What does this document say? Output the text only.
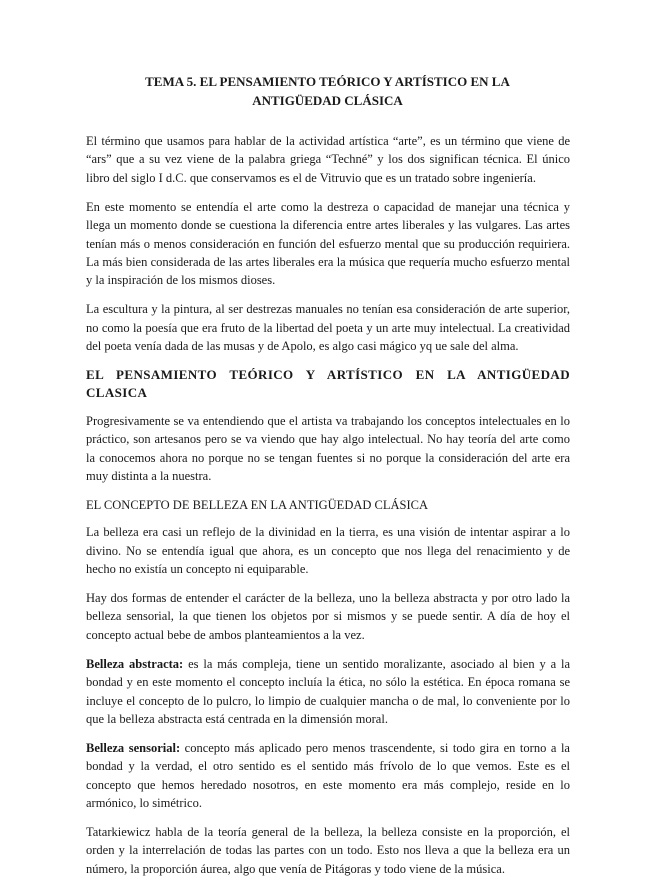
TEMA 5. EL PENSAMIENTO TEÓRICO Y ARTÍSTICO EN LA
ANTIGÜEDAD CLÁSICA

El término que usamos para hablar de la actividad artística “arte”, es un término que viene de “ars” que a su vez viene de la palabra griega “Techné” y los dos significan técnica. El único libro del siglo I d.C. que conservamos es el de Vitruvio que es un tratado sobre ingeniería.

En este momento se entendía el arte como la destreza o capacidad de manejar una técnica y llega un momento donde se cuestiona la diferencia entre artes liberales y las vulgares. Las artes tenían más o menos consideración en función del esfuerzo mental que su producción requiriera. La más bien considerada de las artes liberales era la música que requería mucho esfuerzo mental y la inspiración de los mismos dioses.

La escultura y la pintura, al ser destrezas manuales no tenían esa consideración de arte superior, no como la poesía que era fruto de la libertad del poeta y un arte muy intelectual. La creatividad del poeta venía dada de las musas y de Apolo, es algo casi mágico yq ue sale del alma.

EL PENSAMIENTO TEÓRICO Y ARTÍSTICO EN LA ANTIGÜEDAD CLASICA

Progresivamente se va entendiendo que el artista va trabajando los conceptos intelectuales en lo práctico, son artesanos pero se va viendo que hay algo intelectual. No hay teoría del arte como la conocemos ahora no porque no se tengan fuentes si no porque la consideración del arte era muy distinta a la nuestra.

EL CONCEPTO DE BELLEZA EN LA ANTIGÜEDAD CLÁSICA

La belleza era casi un reflejo de la divinidad en la tierra, es una visión de intentar aspirar a lo divino. No se entendía igual que ahora, es un concepto que nos llega del renacimiento y de hecho no existía un concepto ni equiparable.

Hay dos formas de entender el carácter de la belleza, uno la belleza abstracta y por otro lado la belleza sensorial, la que tienen los objetos por si mismos y se puede sentir. A día de hoy el concepto actual bebe de ambos planteamientos a la vez.

Belleza abstracta: es la más compleja, tiene un sentido moralizante, asociado al bien y a la bondad y en este momento el concepto incluía la ética, no sólo la estética. En época romana se incluye el concepto de lo pulcro, lo limpio de cualquier mancha o de mal, lo conveniente por lo que la belleza abstracta está centrada en la dimensión moral.

Belleza sensorial: concepto más aplicado pero menos trascendente, si todo gira en torno a la bondad y la verdad, el otro sentido es el sentido más frívolo de lo que vemos. Este es el concepto que hemos heredado nosotros, en este momento era más complejo, reside en lo armónico, lo simétrico.

Tatarkiewicz habla de la teoría general de la belleza, la belleza consiste en la proporción, el orden y la interrelación de todas las partes con un todo. Esto nos lleva a que la belleza era un número, la proporción áurea, algo que venía de Pitágoras y todo viene de la música.
